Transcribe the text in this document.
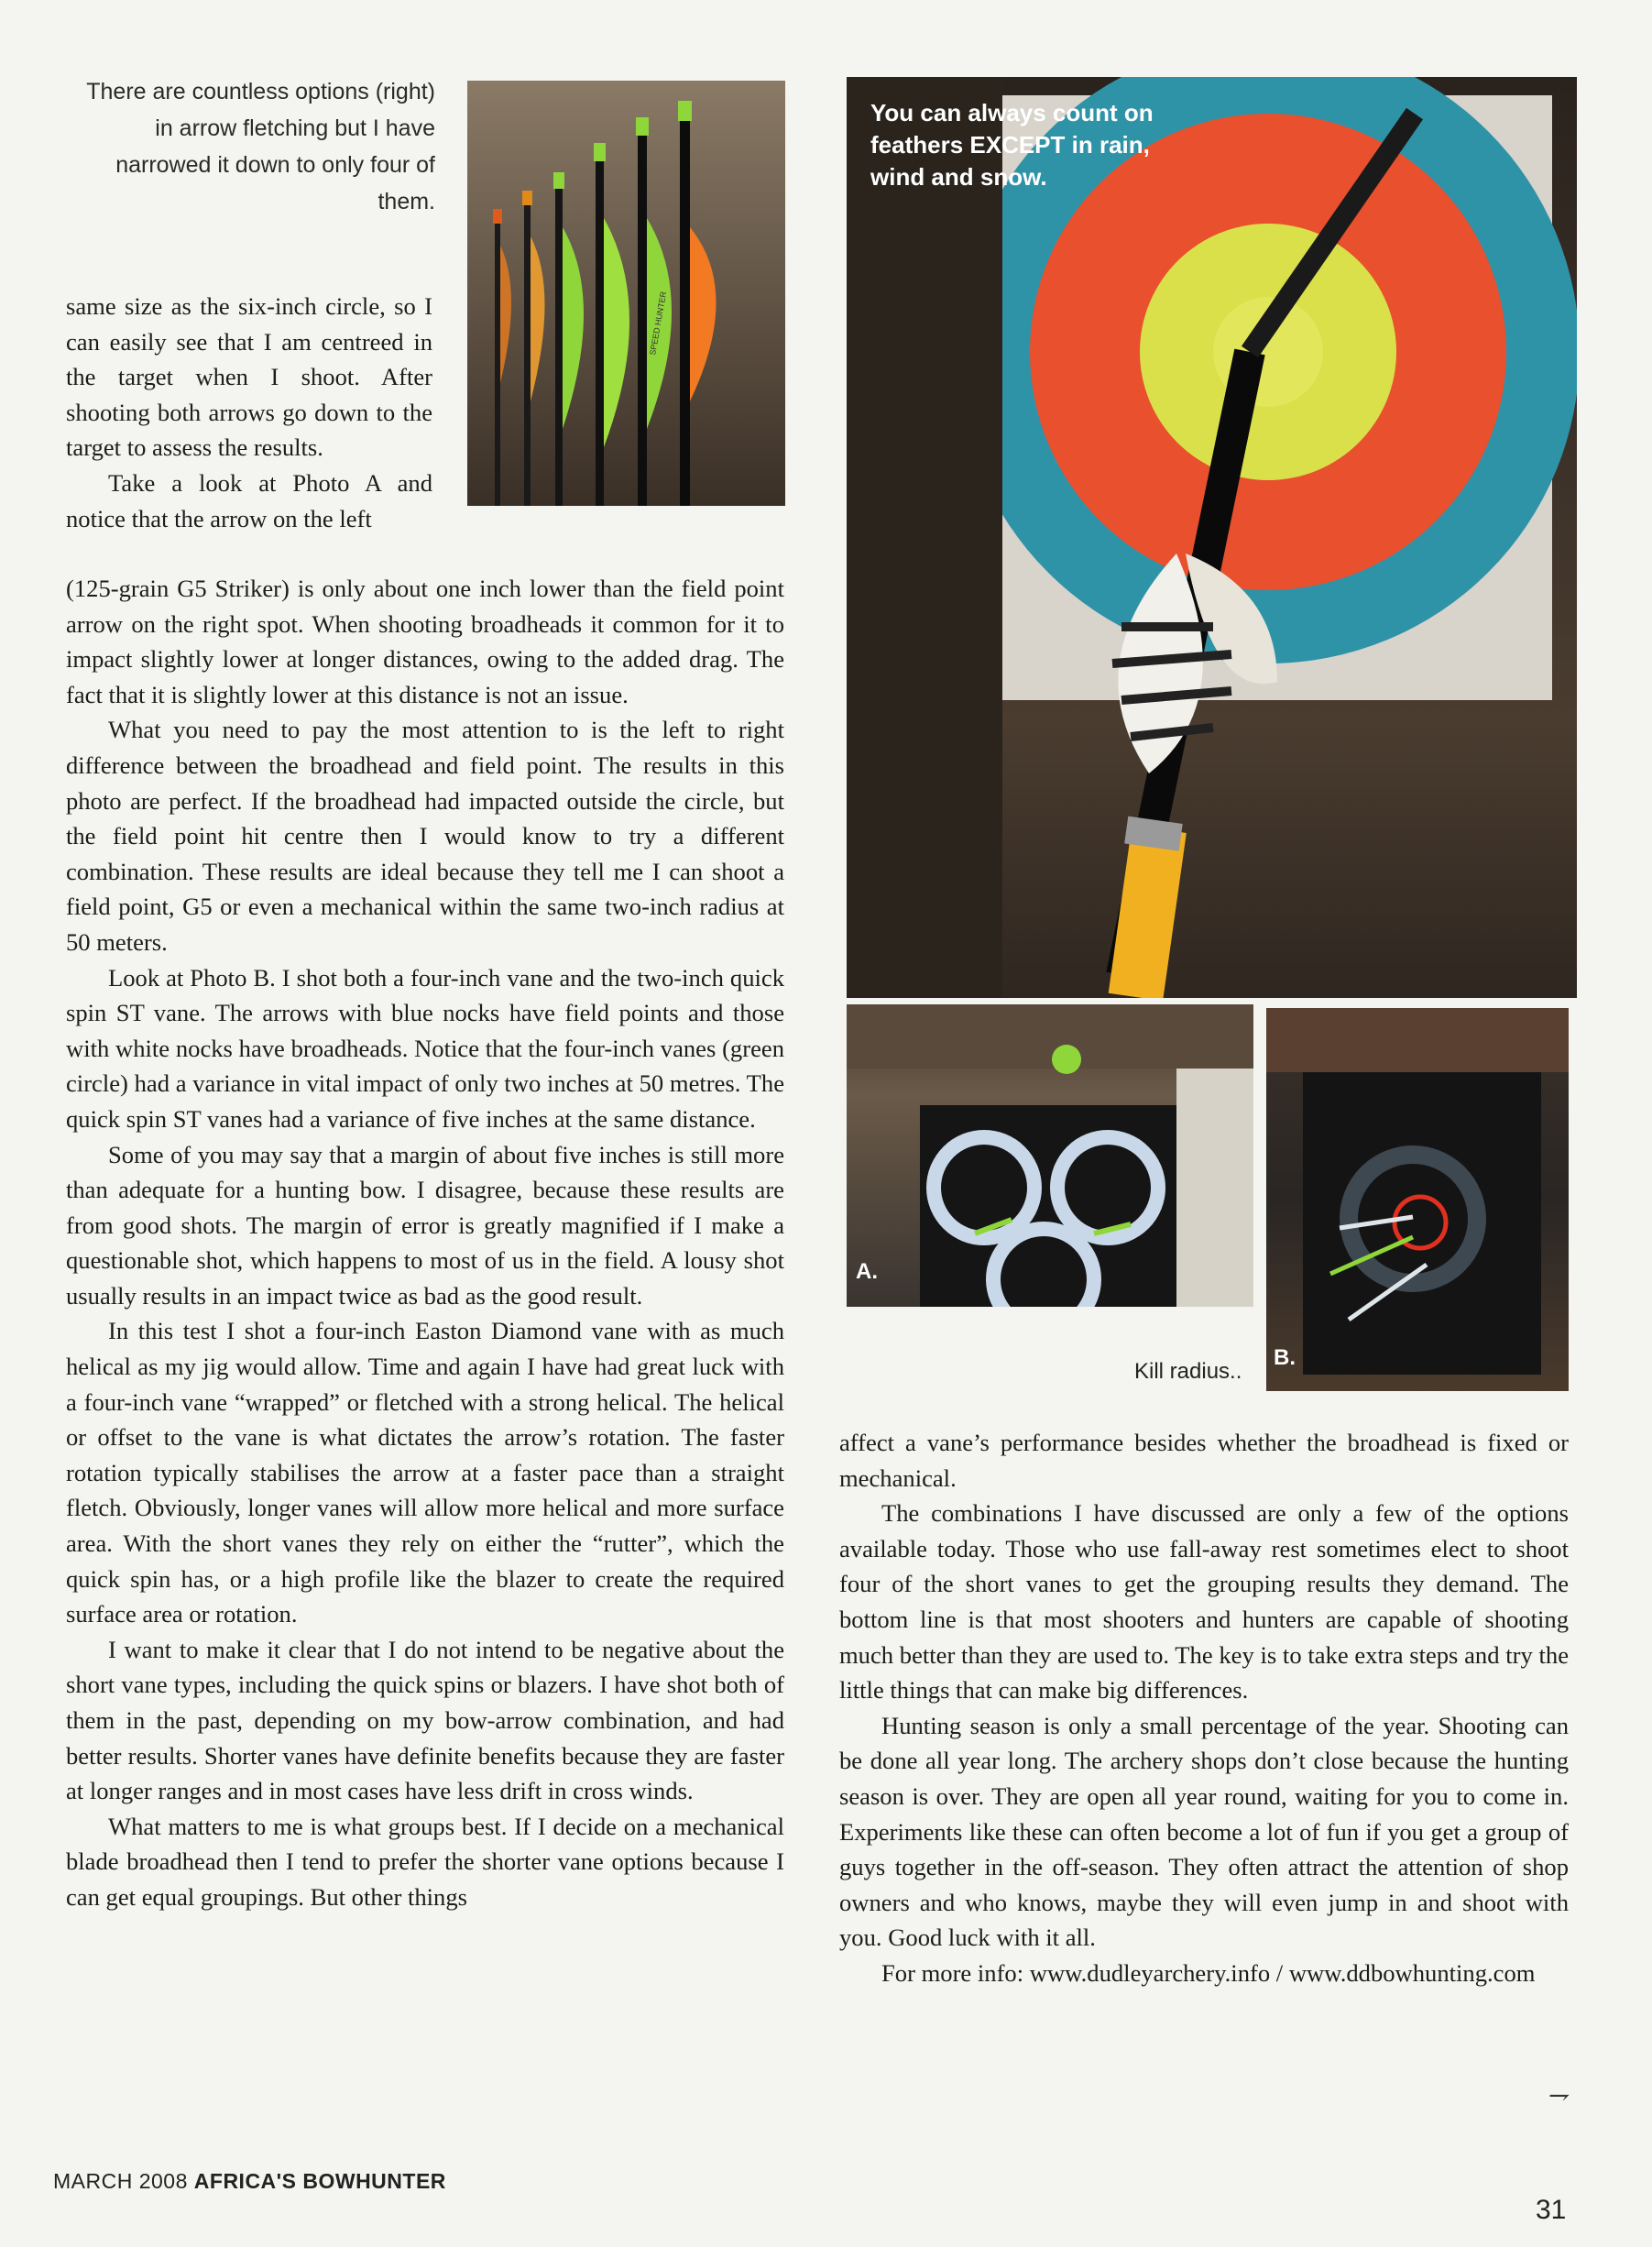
There are countless options (right) in arrow fletching but I have narrowed it down to only four of them.
SPEED HUNTER

same size as the six-inch circle, so I can easily see that I am centreed in the target when I shoot. After shooting both arrows go down to the target to assess the results.

Take a look at Photo A and notice that the arrow on the left

(125-grain G5 Striker) is only about one inch lower than the field point arrow on the right spot. When shooting broadheads it common for it to impact slightly lower at longer distances, owing to the added drag. The fact that it is slightly lower at this distance is not an issue.

What you need to pay the most attention to is the left to right difference between the broadhead and field point. The results in this photo are perfect. If the broadhead had impacted outside the circle, but the field point hit centre then I would know to try a different combination. These results are ideal because they tell me I can shoot a field point, G5 or even a mechanical within the same two-inch radius at 50 meters.

Look at Photo B. I shot both a four-inch vane and the two-inch quick spin ST vane. The arrows with blue nocks have field points and those with white nocks have broadheads. Notice that the four-inch vanes (green circle) had a variance in vital impact of only two inches at 50 metres. The quick spin ST vanes had a variance of five inches at the same distance.

Some of you may say that a margin of about five inches is still more than adequate for a hunting bow. I disagree, because these results are from good shots. The margin of error is greatly magnified if I make a questionable shot, which happens to most of us in the field. A lousy shot usually results in an impact twice as bad as the good result.

In this test I shot a four-inch Easton Diamond vane with as much helical as my jig would allow. Time and again I have had great luck with a four-inch vane “wrapped” or fletched with a strong helical. The helical or offset to the vane is what dictates the arrow’s rotation. The faster rotation typically stabilises the arrow at a faster pace than a straight fletch. Obviously, longer vanes will allow more helical and more surface area. With the short vanes they rely on either the “rutter”, which the quick spin has, or a high profile like the blazer to create the required surface area or rotation.

I want to make it clear that I do not intend to be negative about the short vane types, including the quick spins or blazers. I have shot both of them in the past, depending on my bow-arrow combination, and had better results. Shorter vanes have definite benefits because they are faster at longer ranges and in most cases have less drift in cross winds.

What matters to me is what groups best. If I decide on a mechanical blade broadhead then I tend to prefer the shorter vane options because I can get equal groupings. But other things

You can always count on feathers EXCEPT in rain, wind and snow.
A.
B.
Kill radius..

affect a vane’s performance besides whether the broadhead is fixed or mechanical.

The combinations I have discussed are only a few of the options available today. Those who use fall-away rest sometimes elect to shoot four of the short vanes to get the grouping results they demand. The bottom line is that most shooters and hunters are capable of shooting much better than they are used to. The key is to take extra steps and try the little things that can make big differences.

Hunting season is only a small percentage of the year. Shooting can be done all year long. The archery shops don’t close because the hunting season is over. They are open all year round, waiting for you to come in. Experiments like these can often become a lot of fun if you get a group of guys together in the off-season. They often attract the attention of shop owners and who knows, maybe they will even jump in and shoot with you. Good luck with it all.

For more info: www.dudleyarchery.info / www.ddbowhunting.com

⇁
MARCH 2008 AFRICA'S BOWHUNTER
31
